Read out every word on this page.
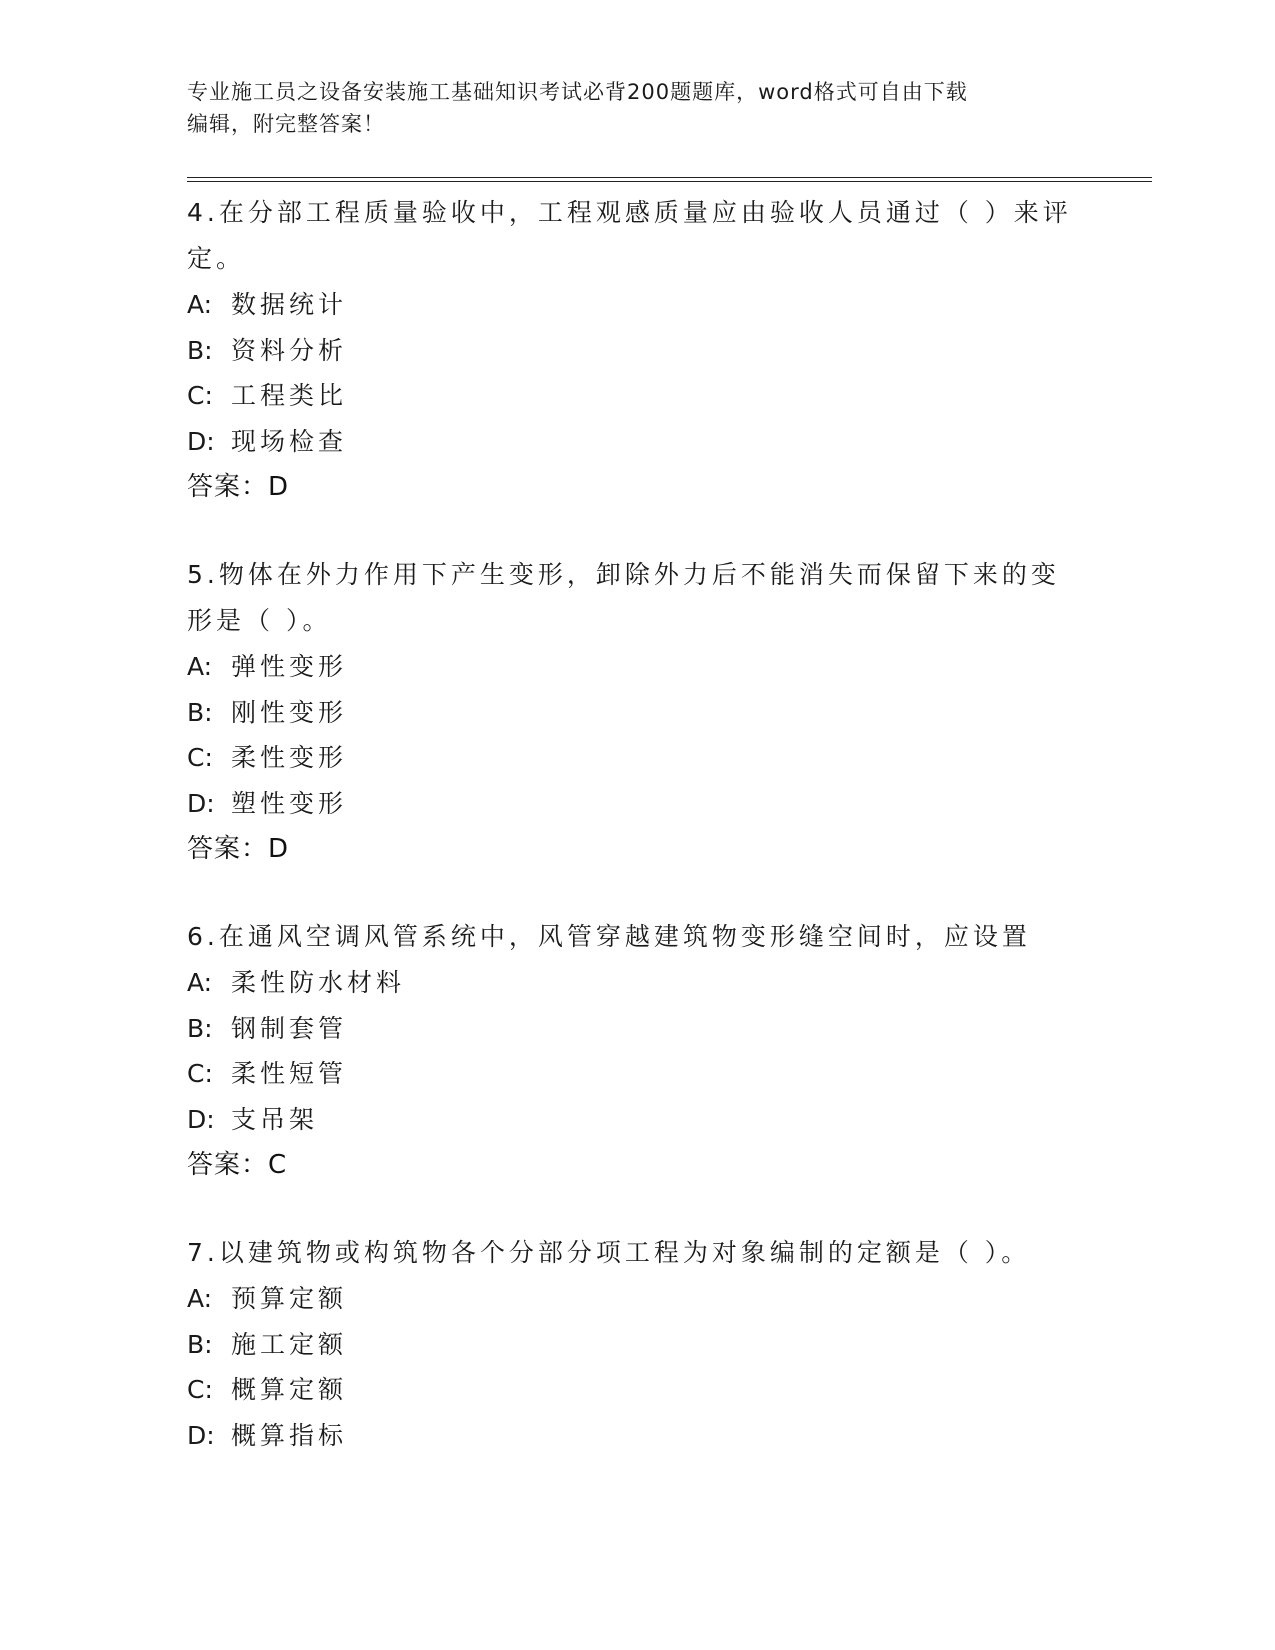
专业施工员之设备安装施工基础知识考试必背200题题库，word格式可自由下载
编辑，附完整答案！

4.在分部工程质量验收中，工程观感质量应由验收人员通过（ ）来评

定。

A: 数据统计

B: 资料分析

C: 工程类比

D: 现场检查

答案：D

5.物体在外力作用下产生变形，卸除外力后不能消失而保留下来的变

形是（ ）。

A: 弹性变形

B: 刚性变形

C: 柔性变形

D: 塑性变形

答案：D

6.在通风空调风管系统中，风管穿越建筑物变形缝空间时，应设置

A: 柔性防水材料

B: 钢制套管

C: 柔性短管

D: 支吊架

答案：C

7.以建筑物或构筑物各个分部分项工程为对象编制的定额是（ ）。

A: 预算定额

B: 施工定额

C: 概算定额

D: 概算指标
